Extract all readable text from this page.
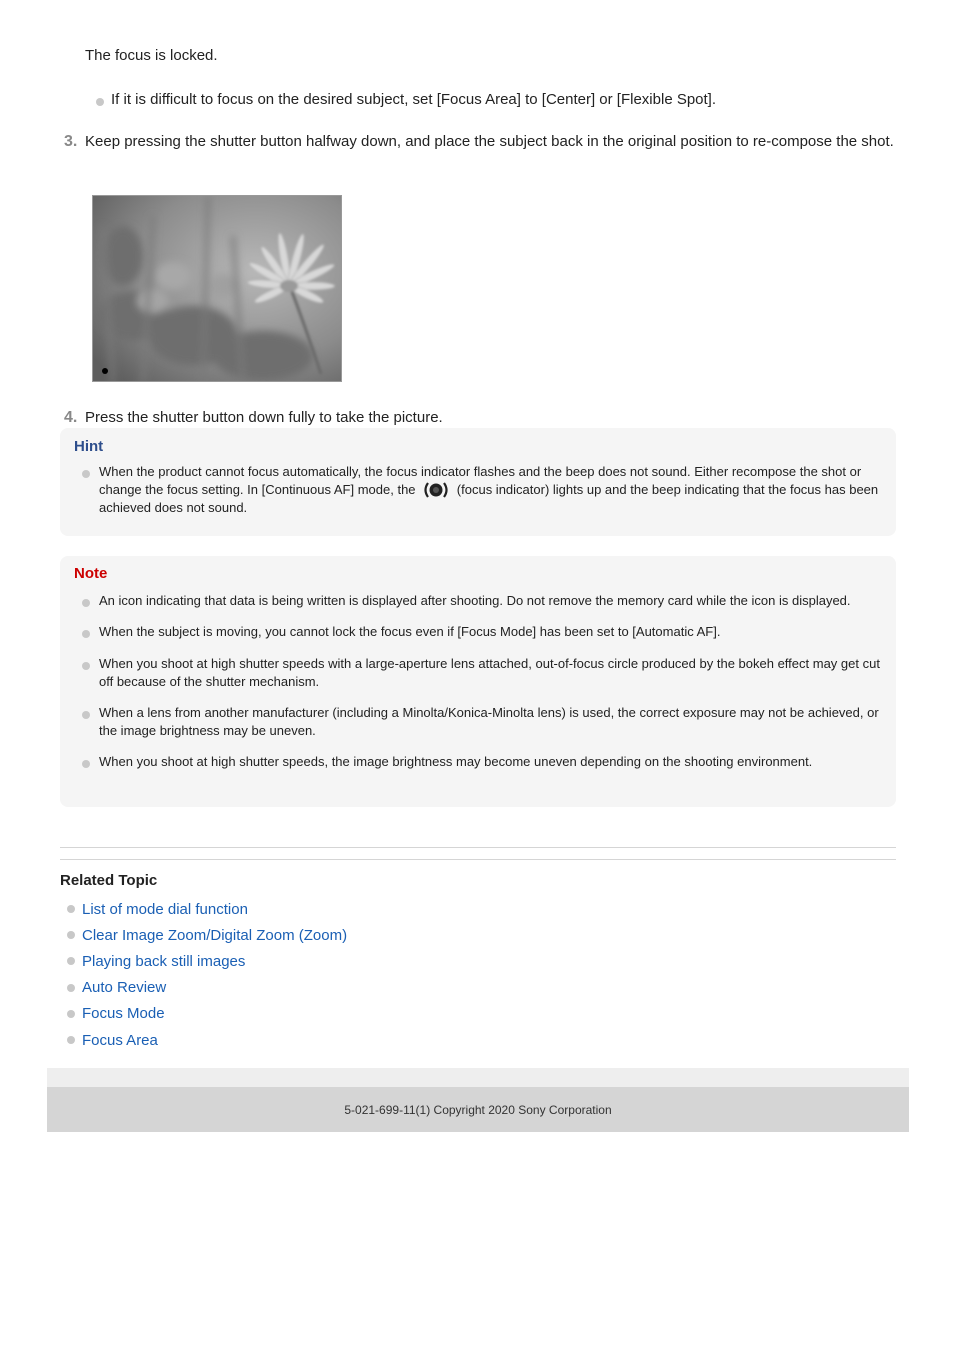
The focus is locked.
If it is difficult to focus on the desired subject, set [Focus Area] to [Center] or [Flexible Spot].
3. Keep pressing the shutter button halfway down, and place the subject back in the original position to re-compose the shot.
4. Press the shutter button down fully to take the picture.
Hint
When the product cannot focus automatically, the focus indicator flashes and the beep does not sound. Either recompose the shot or change the focus setting. In [Continuous AF] mode, the	(focus indicator) lights up and the beep indicating that the focus has been achieved does not sound.
Note
An icon indicating that data is being written is displayed after shooting. Do not remove the memory card while the icon is displayed.
When the subject is moving, you cannot lock the focus even if [Focus Mode] has been set to [Automatic AF].
When you shoot at high shutter speeds with a large-aperture lens attached, out-of-focus circle produced by the bokeh effect may get cut off because of the shutter mechanism.
When a lens from another manufacturer (including a Minolta/Konica-Minolta lens) is used, the correct exposure may not be achieved, or the image brightness may be uneven.
When you shoot at high shutter speeds, the image brightness may become uneven depending on the shooting environment.
Related Topic
List of mode dial function
Clear Image Zoom/Digital Zoom (Zoom)
Playing back still images
Auto Review
Focus Mode
Focus Area
5-021-699-11(1) Copyright 2020 Sony Corporation
